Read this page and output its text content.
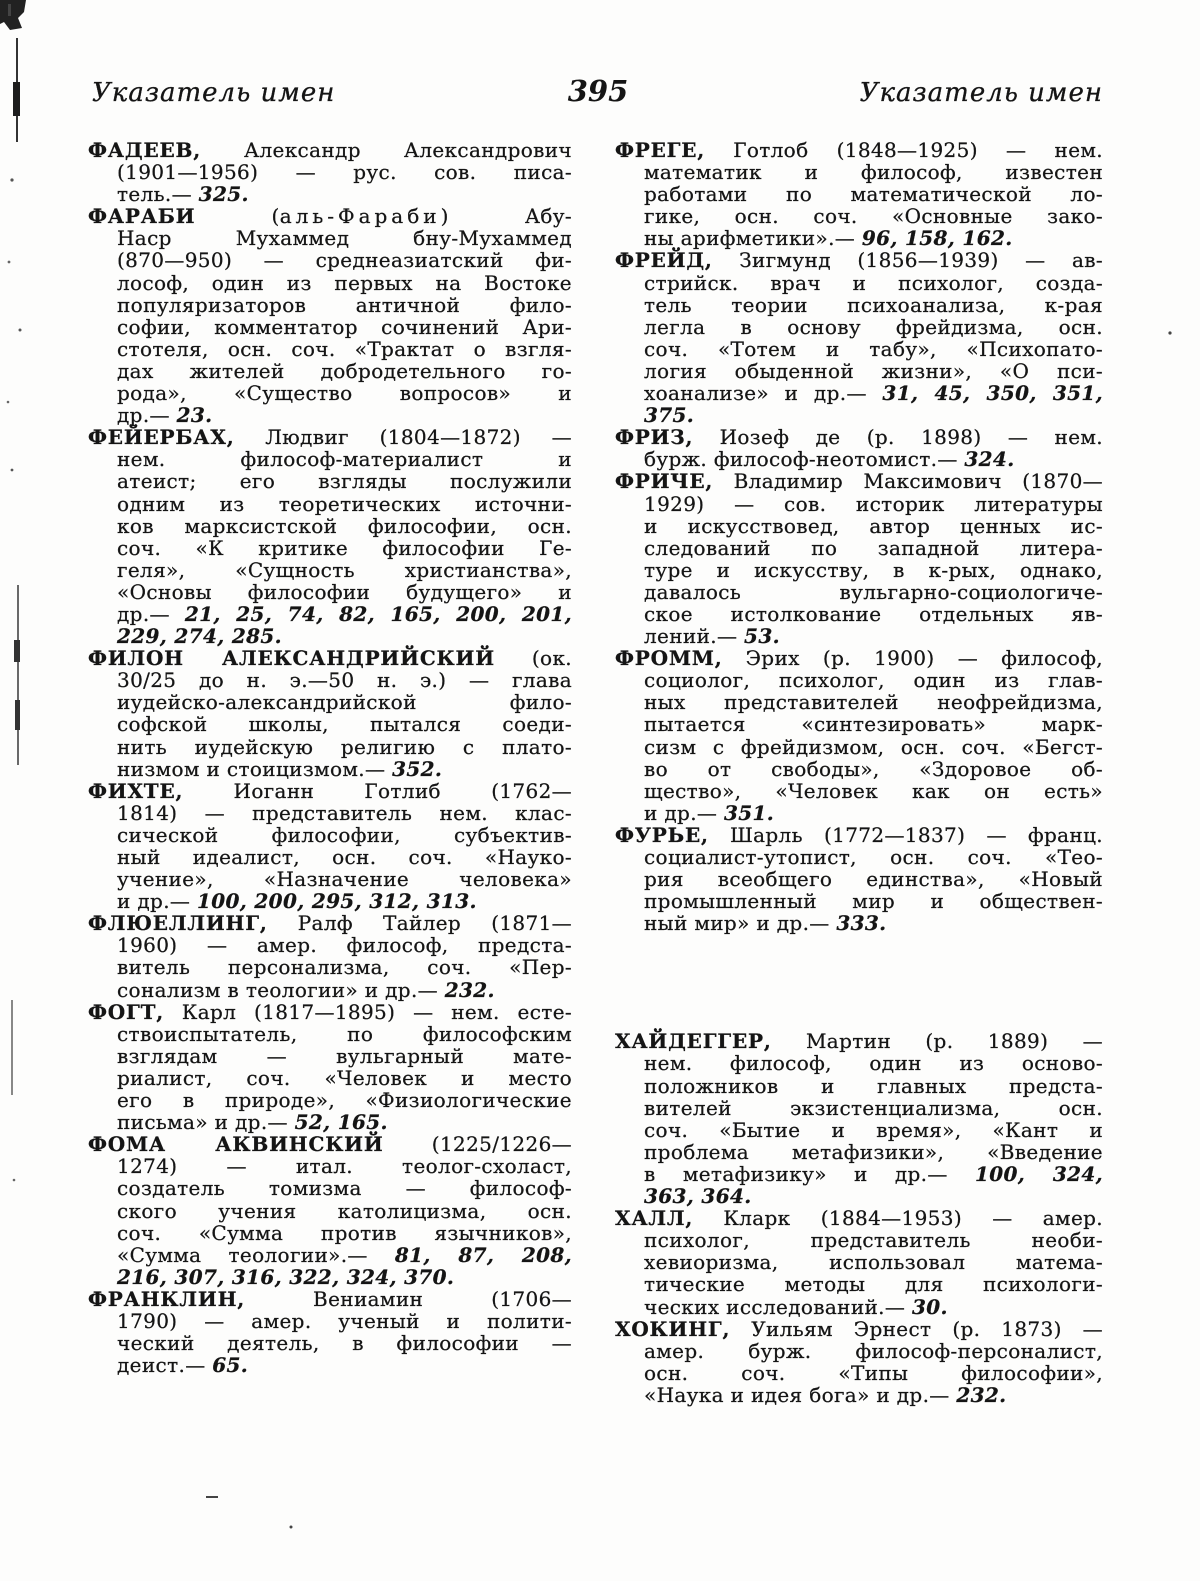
Указатель имен	395	Указатель имен
ФАДЕЕВ, Александр Александрович
(1901—1956) — рус. сов. писа-
тель.— 325.
ФАРАБИ (аль-Фараби) Абу-
Наср Мухаммед бну-Мухаммед
(870—950) — среднеазиатский фи-
лософ, один из первых на Востоке
популяризаторов античной фило-
софии, комментатор сочинений Ари-
стотеля, осн. соч. «Трактат о взгля-
дах жителей добродетельного го-
рода», «Существо вопросов» и
др.— 23.
ФЕЙЕРБАХ, Людвиг (1804—1872) —
нем. философ-материалист и
атеист; его взгляды послужили
одним из теоретических источни-
ков марксистской философии, осн.
соч. «К критике философии Ге-
геля», «Сущность христианства»,
«Основы философии будущего» и
др.— 21, 25, 74, 82, 165, 200, 201,
229, 274, 285.
ФИЛОН АЛЕКСАНДРИЙСКИЙ (ок.
30/25 до н. э.—50 н. э.) — глава
иудейско-александрийской фило-
софской школы, пытался соеди-
нить иудейскую религию с плато-
низмом и стоицизмом.— 352.
ФИХТЕ, Иоганн Готлиб (1762—
1814) — представитель нем. клас-
сической философии, субъектив-
ный идеалист, осн. соч. «Науко-
учение», «Назначение человека»
и др.— 100, 200, 295, 312, 313.
ФЛЮЕЛЛИНГ, Ралф Тайлер (1871—
1960) — амер. философ, предста-
витель персонализма, соч. «Пер-
сонализм в теологии» и др.— 232.
ФОГТ, Карл (1817—1895) — нем. есте-
ствоиспытатель, по философским
взглядам — вульгарный мате-
риалист, соч. «Человек и место
его в природе», «Физиологические
письма» и др.— 52, 165.
ФОМА АКВИНСКИЙ (1225/1226—
1274) — итал. теолог-схоласт,
создатель томизма — философ-
ского учения католицизма, осн.
соч. «Сумма против язычников»,
«Сумма теологии».— 81, 87, 208,
216, 307, 316, 322, 324, 370.
ФРАНКЛИН, Вениамин (1706—
1790) — амер. ученый и полити-
ческий деятель, в философии —
деист.— 65.
ФРЕГЕ, Готлоб (1848—1925) — нем.
математик и философ, известен
работами по математической ло-
гике, осн. соч. «Основные зако-
ны арифметики».— 96, 158, 162.
ФРЕЙД, Зигмунд (1856—1939) — ав-
стрийск. врач и психолог, созда-
тель теории психоанализа, к-рая
легла в основу фрейдизма, осн.
соч. «Тотем и табу», «Психопато-
логия обыденной жизни», «О пси-
хоанализе» и др.— 31, 45, 350, 351,
375.
ФРИЗ, Иозеф де (р. 1898) — нем.
бурж. философ-неотомист.— 324.
ФРИЧЕ, Владимир Максимович (1870—
1929) — сов. историк литературы
и искусствовед, автор ценных ис-
следований по западной литера-
туре и искусству, в к-рых, однако,
давалось вульгарно-социологиче-
ское истолкование отдельных яв-
лений.— 53.
ФРОММ, Эрих (р. 1900) — философ,
социолог, психолог, один из глав-
ных представителей неофрейдизма,
пытается «синтезировать» марк-
сизм с фрейдизмом, осн. соч. «Бегст-
во от свободы», «Здоровое об-
щество», «Человек как он есть»
и др.— 351.
ФУРЬЕ, Шарль (1772—1837) — франц.
социалист-утопист, осн. соч. «Тео-
рия всеобщего единства», «Новый
промышленный мир и обществен-
ный мир» и др.— 333.
ХАЙДЕГГЕР, Мартин (р. 1889) —
нем. философ, один из осново-
положников и главных предста-
вителей экзистенциализма, осн.
соч. «Бытие и время», «Кант и
проблема метафизики», «Введение
в метафизику» и др.— 100, 324,
363, 364.
ХАЛЛ, Кларк (1884—1953) — амер.
психолог, представитель необи-
хевиоризма, использовал матема-
тические методы для психологи-
ческих исследований.— 30.
ХОКИНГ, Уильям Эрнест (р. 1873) —
амер. бурж. философ-персоналист,
осн. соч. «Типы философии»,
«Наука и идея бога» и др.— 232.
